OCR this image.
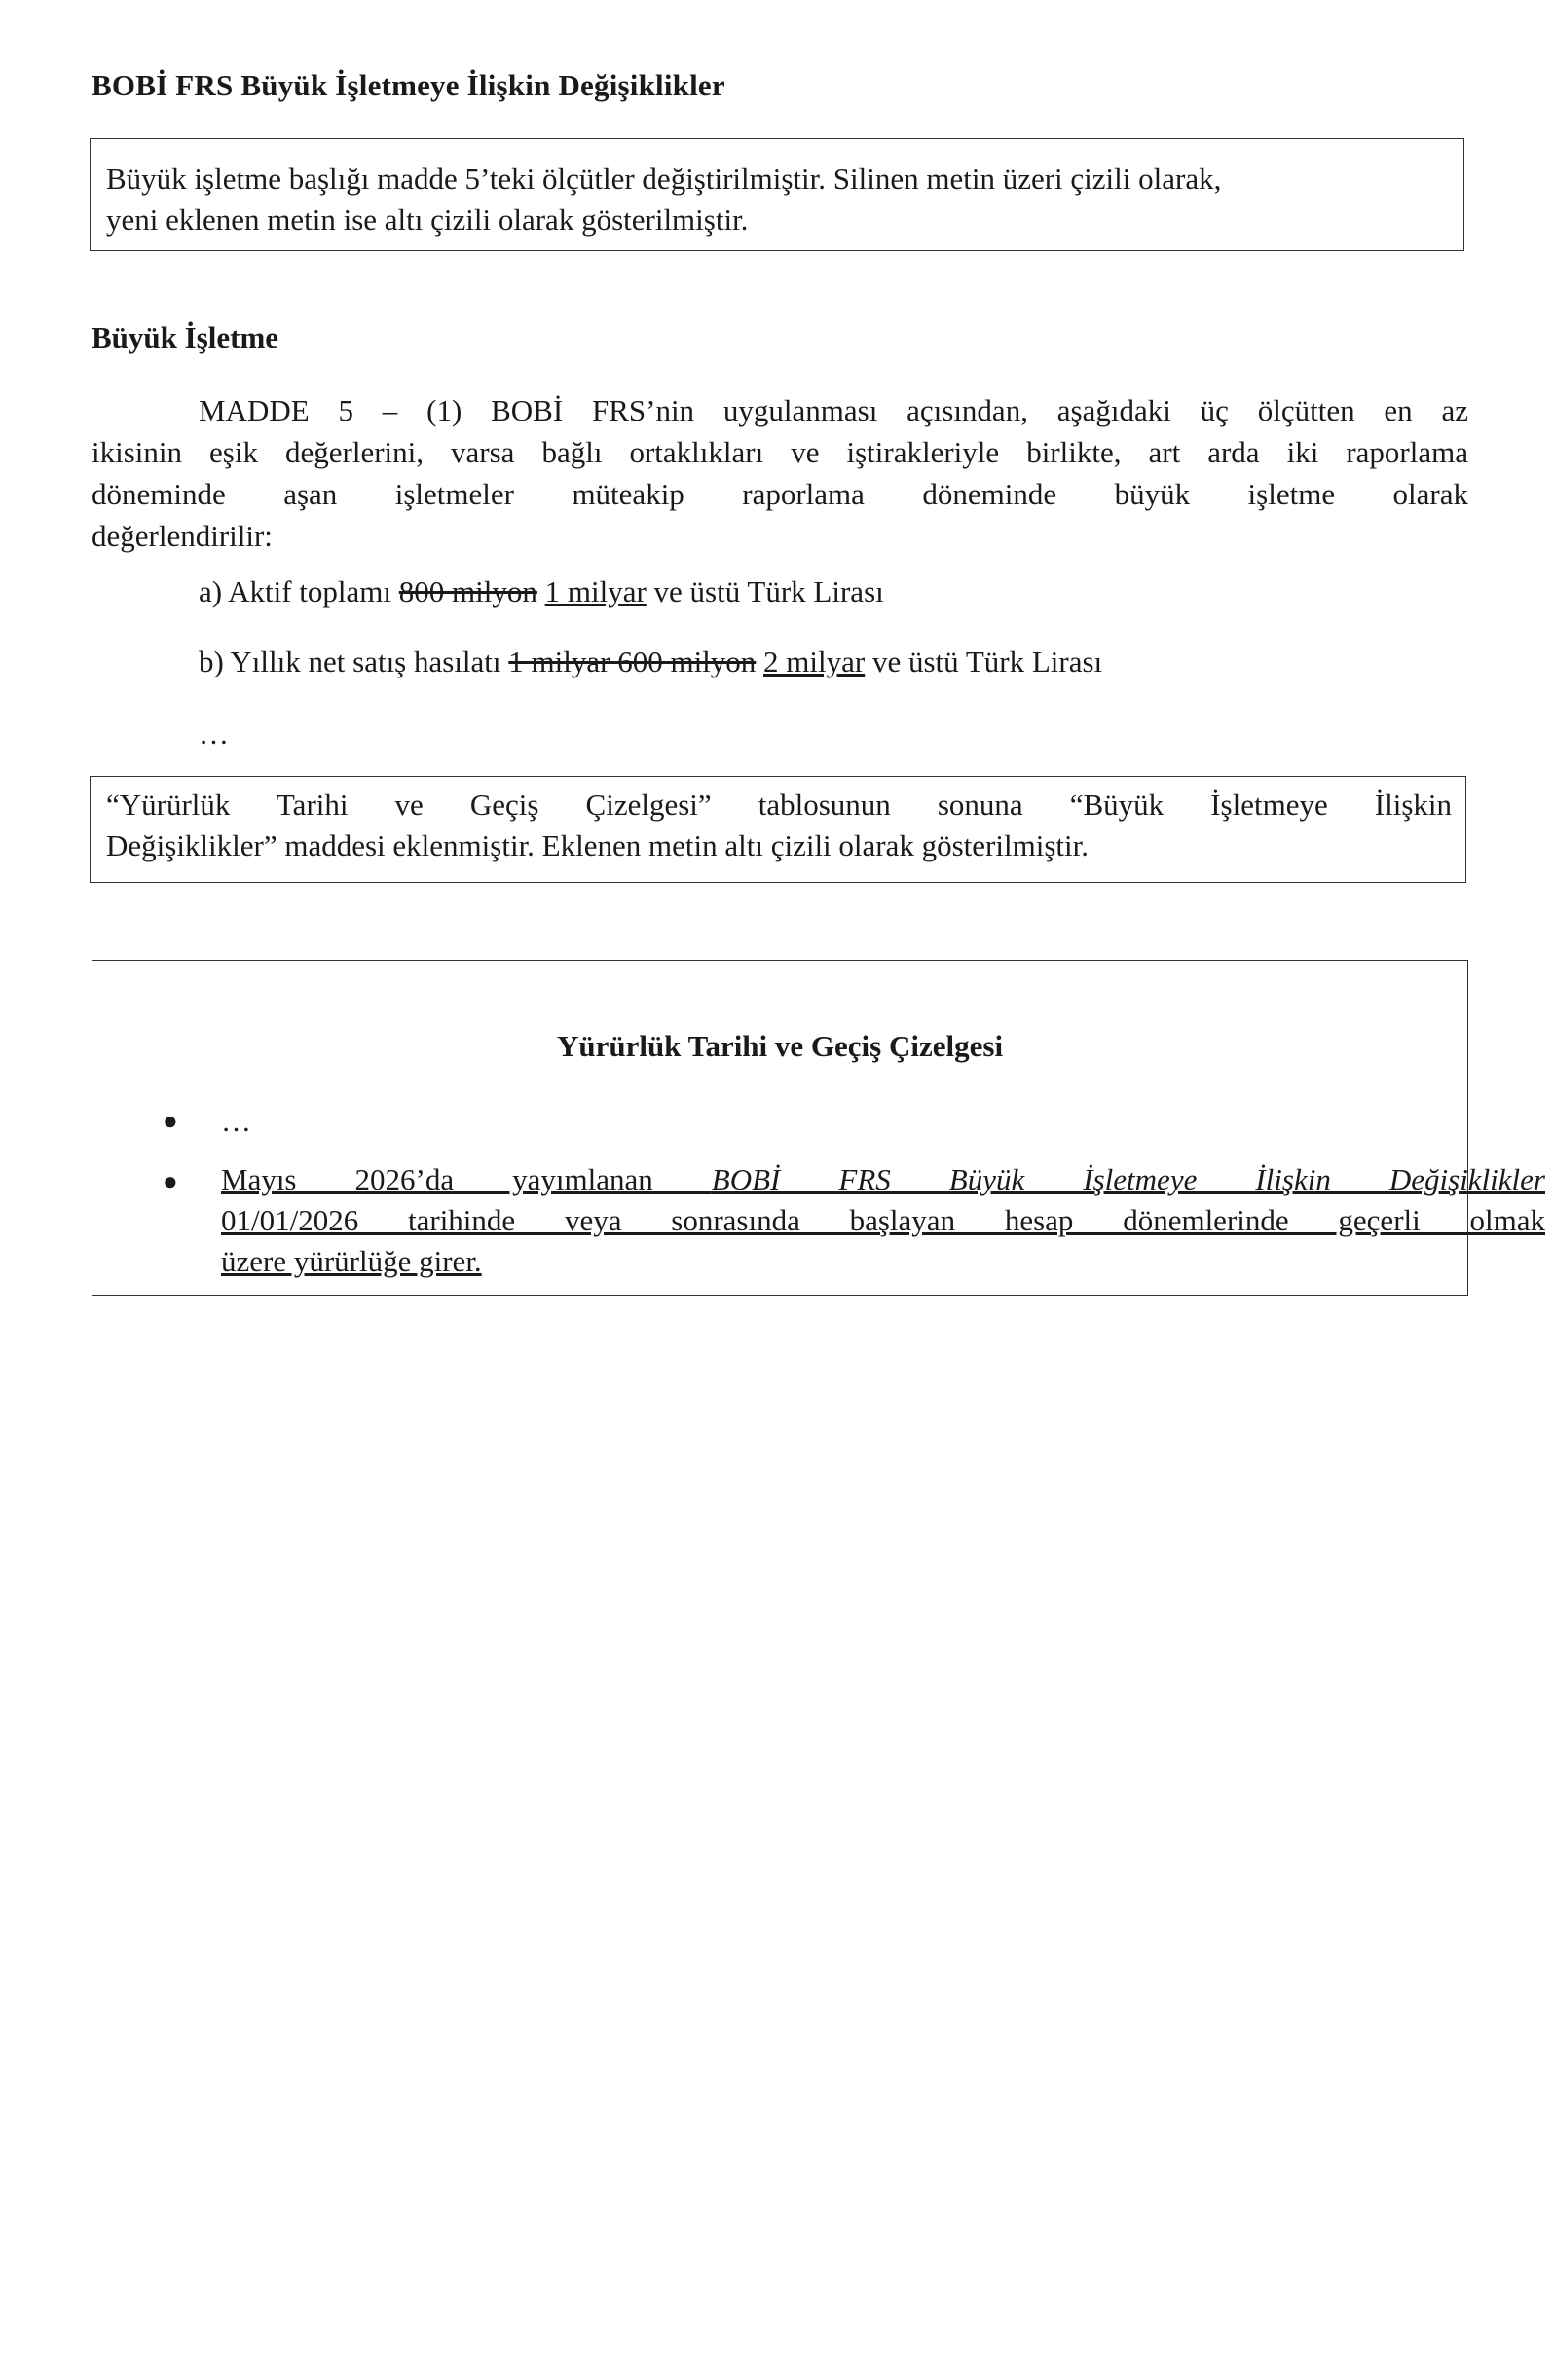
BOBİ FRS Büyük İşletmeye İlişkin Değişiklikler
Büyük işletme başlığı madde 5’teki ölçütler değiştirilmiştir. Silinen metin üzeri çizili olarak,
yeni eklenen metin ise altı çizili olarak gösterilmiştir.
Büyük İşletme
MADDE 5 – (1) BOBİ FRS’nin uygulanması açısından, aşağıdaki üç ölçütten en az
ikisinin eşik değerlerini, varsa bağlı ortaklıkları ve iştirakleriyle birlikte, art arda iki raporlama
döneminde aşan işletmeler müteakip raporlama döneminde büyük işletme olarak
değerlendirilir:
a) Aktif toplamı 800 milyon 1 milyar ve üstü Türk Lirası
b) Yıllık net satış hasılatı 1 milyar 600 milyon 2 milyar ve üstü Türk Lirası
…
“Yürürlük Tarihi ve Geçiş Çizelgesi” tablosunun sonuna “Büyük İşletmeye İlişkin
Değişiklikler” maddesi eklenmiştir. Eklenen metin altı çizili olarak gösterilmiştir.
Yürürlük Tarihi ve Geçiş Çizelgesi
● …
● Mayıs 2026’da yayımlanan BOBİ FRS Büyük İşletmeye İlişkin Değişiklikler
01/01/2026 tarihinde veya sonrasında başlayan hesap dönemlerinde geçerli olmak
üzere yürürlüğe girer.
